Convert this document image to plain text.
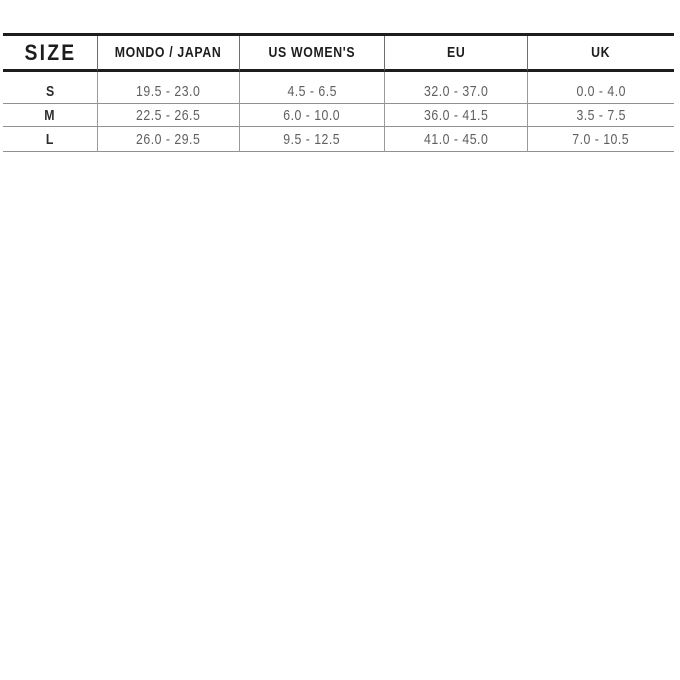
SIZE	MONDO / JAPAN	US WOMEN'S	EU	UK
S	19.5 - 23.0	4.5 - 6.5	32.0 - 37.0	0.0 - 4.0
M	22.5 - 26.5	6.0 - 10.0	36.0 - 41.5	3.5 - 7.5
L	26.0 - 29.5	9.5 - 12.5	41.0 - 45.0	7.0 - 10.5
